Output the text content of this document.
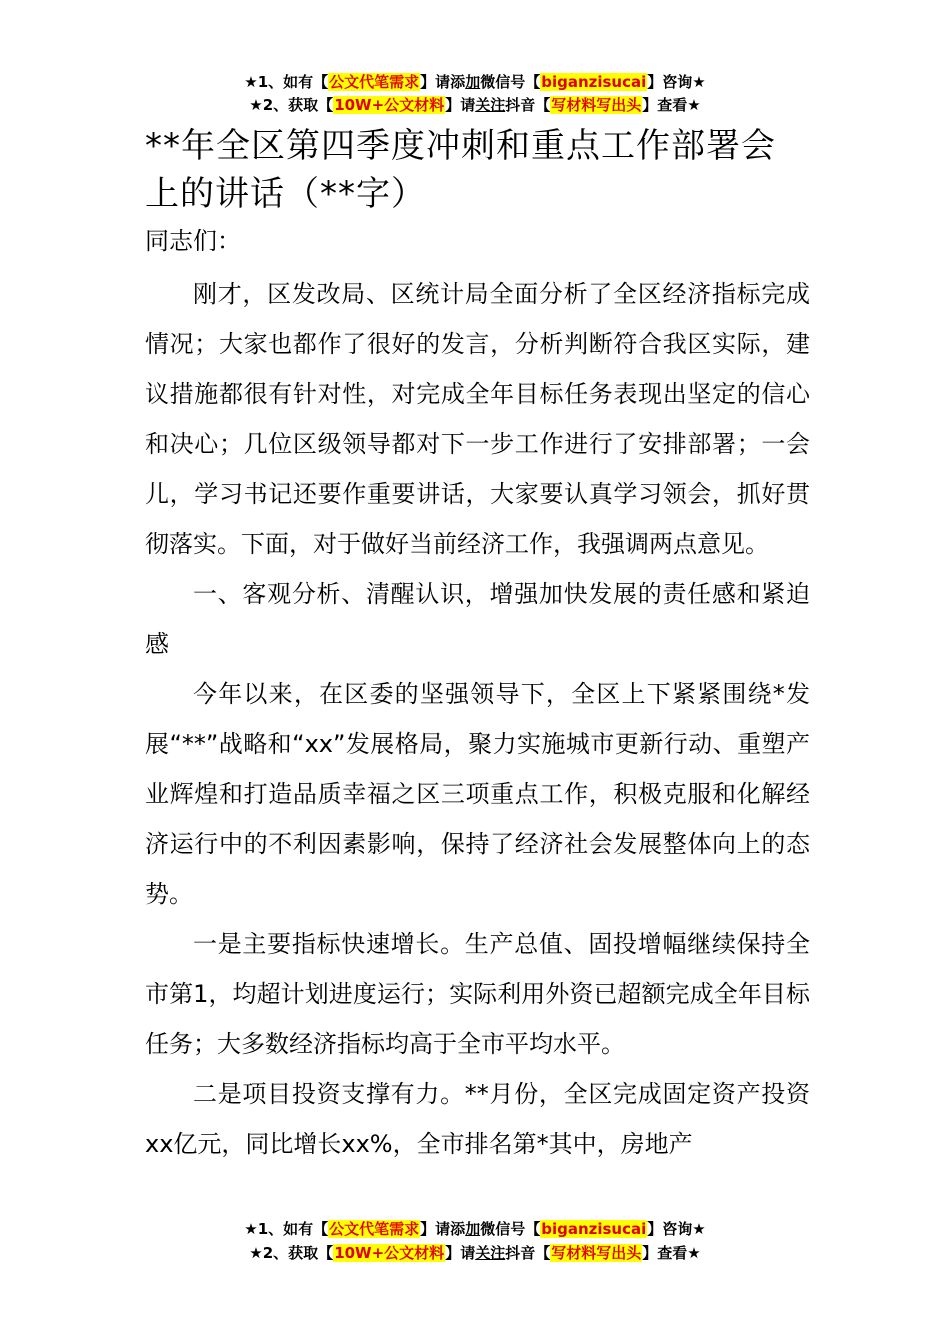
★1、如有【公文代笔需求】请添加微信号【biganzisucai】咨询★
★2、获取【10W+公文材料】请关注抖音【写材料写出头】查看★
**年全区第四季度冲刺和重点工作部署会上的讲话（**字）

同志们：

刚才，区发改局、区统计局全面分析了全区经济指标完成情况；大家也都作了很好的发言，分析判断符合我区实际，建议措施都很有针对性，对完成全年目标任务表现出坚定的信心和决心；几位区级领导都对下一步工作进行了安排部署；一会儿，学习书记还要作重要讲话，大家要认真学习领会，抓好贯彻落实。下面，对于做好当前经济工作，我强调两点意见。

一、客观分析、清醒认识，增强加快发展的责任感和紧迫感

今年以来，在区委的坚强领导下，全区上下紧紧围绕*发展“**”战略和“xx”发展格局，聚力实施城市更新行动、重塑产业辉煌和打造品质幸福之区三项重点工作，积极克服和化解经济运行中的不利因素影响，保持了经济社会发展整体向上的态势。

一是主要指标快速增长。生产总值、固投增幅继续保持全市第1，均超计划进度运行；实际利用外资已超额完成全年目标任务；大多数经济指标均高于全市平均水平。

二是项目投资支撑有力。**月份，全区完成固定资产投资xx亿元，同比增长xx%，全市排名第*其中，房地产

★1、如有【公文代笔需求】请添加微信号【biganzisucai】咨询★
★2、获取【10W+公文材料】请关注抖音【写材料写出头】查看★
